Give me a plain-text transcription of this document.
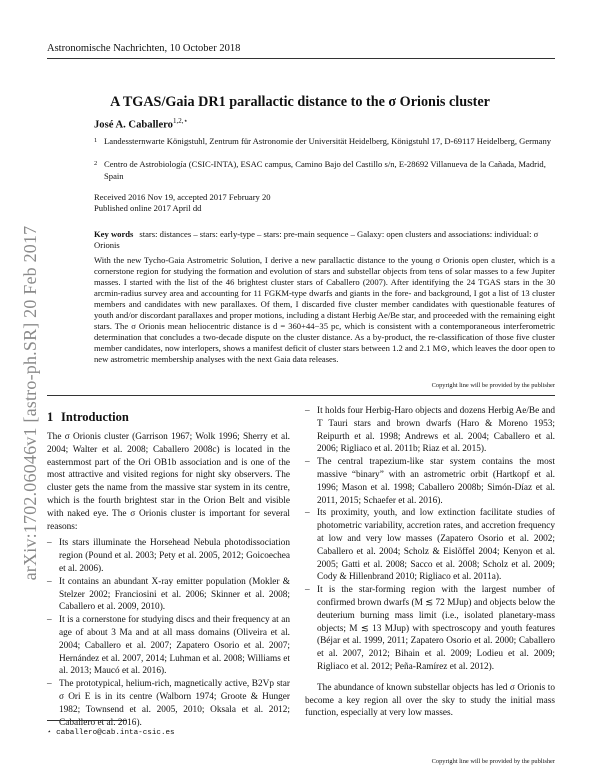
Astronomische Nachrichten, 10 October 2018
A TGAS/Gaia DR1 parallactic distance to the σ Orionis cluster
José A. Caballero$^{1,2,⋆}$
1 Landessternwarte Königstuhl, Zentrum für Astronomie der Universität Heidelberg, Königstuhl 17, D-69117 Heidelberg, Germany
2 Centro de Astrobiología (CSIC-INTA), ESAC campus, Camino Bajo del Castillo s/n, E-28692 Villanueva de la Cañada, Madrid, Spain
Received 2016 Nov 19, accepted 2017 February 20
Published online 2017 April dd
Key words stars: distances – stars: early-type – stars: pre-main sequence – Galaxy: open clusters and associations: individual: σ Orionis
With the new Tycho-Gaia Astrometric Solution, I derive a new parallactic distance to the young σ Orionis open cluster, which is a cornerstone region for studying the formation and evolution of stars and substellar objects from tens of solar masses to a few Jupiter masses. I started with the list of the 46 brightest cluster stars of Caballero (2007). After identifying the 24 TGAS stars in the 30 arcmin-radius survey area and accounting for 11 FGKM-type dwarfs and giants in the fore- and background, I got a list of 13 cluster members and candidates with new parallaxes. Of them, I discarded five cluster member candidates with questionable features of youth and/or discordant parallaxes and proper motions, including a distant Herbig Ae/Be star, and proceeded with the remaining eight stars. The σ Orionis mean heliocentric distance is d = 360+44−35 pc, which is consistent with a contemporaneous interferometric determination that concludes a two-decade dispute on the cluster distance. As a by-product, the re-classification of those five cluster member candidates, now interlopers, shows a manifest deficit of cluster stars between 1.2 and 2.1 M⊙, which leaves the door open to new astrometric membership analyses with the next Gaia data releases.
Copyright line will be provided by the publisher
arXiv:1702.06046v1 [astro-ph.SR] 20 Feb 2017 1 Introduction

The σ Orionis cluster (Garrison 1967; Wolk 1996; Sherry et al. 2004; Walter et al. 2008; Caballero 2008c) is located in the easternmost part of the Ori OB1b association and is one of the most attractive and visited regions for night sky observers. The cluster gets the name from the massive star system in its centre, which is the fourth brightest star in the Orion Belt and visible with naked eye. The σ Orionis cluster is important for several reasons:

– Its stars illuminate the Horsehead Nebula photodissociation region (Pound et al. 2003; Pety et al. 2005, 2012; Goicoechea et al. 2006).
– It contains an abundant X-ray emitter population (Mokler & Stelzer 2002; Franciosini et al. 2006; Skinner et al. 2008; Caballero et al. 2009, 2010).
– It is a cornerstone for studying discs and their frequency at an age of about 3 Ma and at all mass domains (Oliveira et al. 2004; Caballero et al. 2007; Zapatero Osorio et al. 2007; Hernández et al. 2007, 2014; Luhman et al. 2008; Williams et al. 2013; Maucó et al. 2016).
– The prototypical, helium-rich, magnetically active, B2Vp star σ Ori E is in its centre (Walborn 1974; Groote & Hunger 1982; Townsend et al. 2005, 2010; Oksala et al. 2012; Caballero et al. 2016).
⋆ caballero@cab.inta-csic.es
– It holds four Herbig-Haro objects and dozens Herbig Ae/Be and T Tauri stars and brown dwarfs (Haro & Moreno 1953; Reipurth et al. 1998; Andrews et al. 2004; Caballero et al. 2006; Rigliaco et al. 2011b; Riaz et al. 2015).
– The central trapezium-like star system contains the most massive “binary” with an astrometric orbit (Hartkopf et al. 1996; Mason et al. 1998; Caballero 2008b; Simón-Díaz et al. 2011, 2015; Schaefer et al. 2016).
– Its proximity, youth, and low extinction facilitate studies of photometric variability, accretion rates, and accretion frequency at low and very low masses (Zapatero Osorio et al. 2002; Caballero et al. 2004; Scholz & Eislöffel 2004; Kenyon et al. 2005; Gatti et al. 2008; Sacco et al. 2008; Scholz et al. 2009; Cody & Hillenbrand 2010; Rigliaco et al. 2011a).
– It is the star-forming region with the largest number of confirmed brown dwarfs (M ≲ 72 MJup) and objects below the deuterium burning mass limit (i.e., isolated planetary-mass objects; M ≲ 13 MJup) with spectroscopy and youth features (Béjar et al. 1999, 2011; Zapatero Osorio et al. 2000; Caballero et al. 2007, 2012; Bihain et al. 2009; Lodieu et al. 2009; Rigliaco et al. 2012; Peña-Ramírez et al. 2012).

The abundance of known substellar objects has led σ Orionis to become a key region all over the sky to study the initial mass function, especially at very low masses.

Copyright line will be provided by the publisher
